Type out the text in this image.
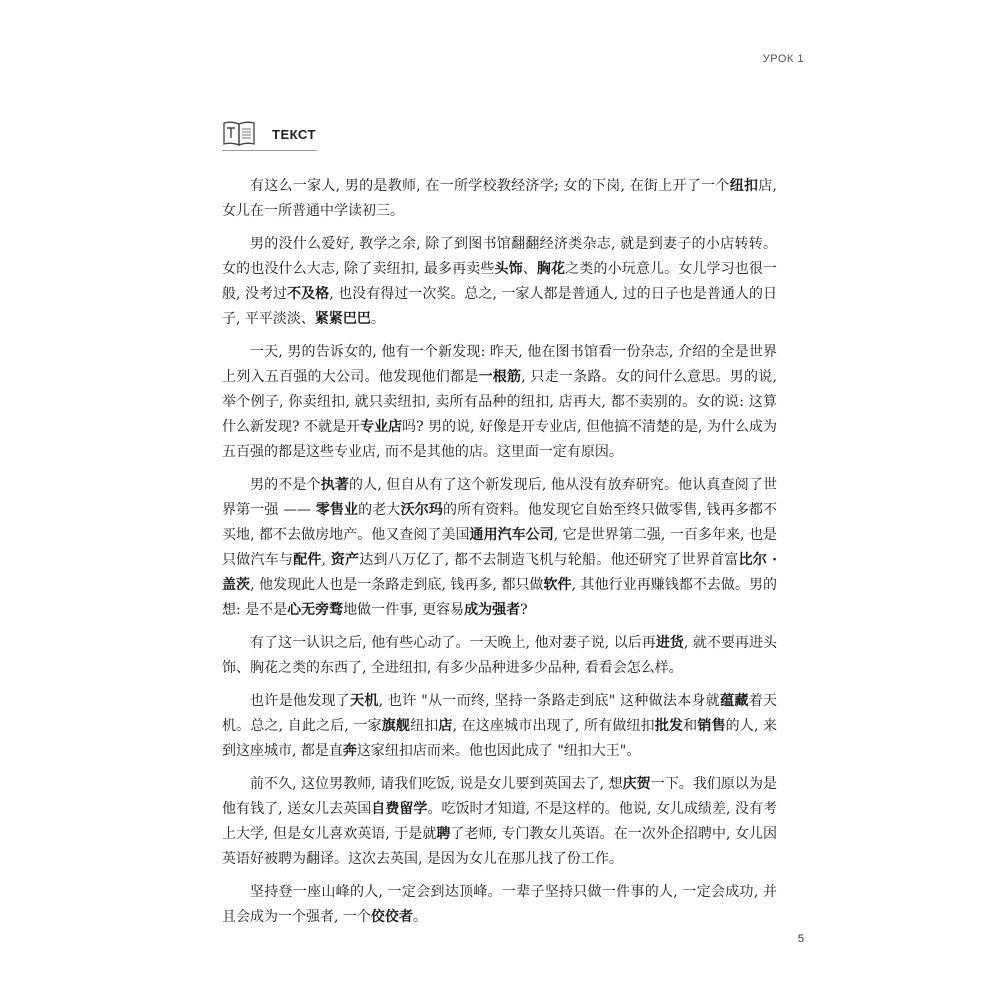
УРОК 1
ТЕКСТ

有这么一家人, 男的是教师, 在一所学校教经济学; 女的下岗, 在街上开了一个纽扣店, 女儿在一所普通中学读初三。

男的没什么爱好, 教学之余, 除了到图书馆翻翻经济类杂志, 就是到妻子的小店转转。女的也没什么大志, 除了卖纽扣, 最多再卖些头饰、胸花之类的小玩意儿。女儿学习也很一般, 没考过不及格, 也没有得过一次奖。总之, 一家人都是普通人, 过的日子也是普通人的日子, 平平淡淡、紧紧巴巴。

一天, 男的告诉女的, 他有一个新发现: 昨天, 他在图书馆看一份杂志, 介绍的全是世界上列入五百强的大公司。他发现他们都是一根筋, 只走一条路。女的问什么意思。男的说, 举个例子, 你卖纽扣, 就只卖纽扣, 卖所有品种的纽扣, 店再大, 都不卖别的。女的说: 这算什么新发现? 不就是开专业店吗? 男的说, 好像是开专业店, 但他搞不清楚的是, 为什么成为五百强的都是这些专业店, 而不是其他的店。这里面一定有原因。

男的不是个执著的人, 但自从有了这个新发现后, 他从没有放弃研究。他认真查阅了世界第一强 —— 零售业的老大沃尔玛的所有资料。他发现它自始至终只做零售, 钱再多都不买地, 都不去做房地产。他又查阅了美国通用汽车公司, 它是世界第二强, 一百多年来, 也是只做汽车与配件, 资产达到八万亿了, 都不去制造飞机与轮船。他还研究了世界首富比尔 · 盖茨, 他发现此人也是一条路走到底, 钱再多, 都只做软件, 其他行业再赚钱都不去做。男的想: 是不是心无旁骛地做一件事, 更容易成为强者?

有了这一认识之后, 他有些心动了。一天晚上, 他对妻子说, 以后再进货, 就不要再进头饰、胸花之类的东西了, 全进纽扣, 有多少品种进多少品种, 看看会怎么样。

也许是他发现了天机, 也许 "从一而终, 坚持一条路走到底" 这种做法本身就蕴藏着天机。总之, 自此之后, 一家旗舰纽扣店, 在这座城市出现了, 所有做纽扣批发和销售的人, 来到这座城市, 都是直奔这家纽扣店而来。他也因此成了 "纽扣大王"。

前不久, 这位男教师, 请我们吃饭, 说是女儿要到英国去了, 想庆贺一下。我们原以为是他有钱了, 送女儿去英国自费留学。吃饭时才知道, 不是这样的。他说, 女儿成绩差, 没有考上大学, 但是女儿喜欢英语, 于是就聘了老师, 专门教女儿英语。在一次外企招聘中, 女儿因英语好被聘为翻译。这次去英国, 是因为女儿在那儿找了份工作。

坚持登一座山峰的人, 一定会到达顶峰。一辈子坚持只做一件事的人, 一定会成功, 并且会成为一个强者, 一个佼佼者。

5
